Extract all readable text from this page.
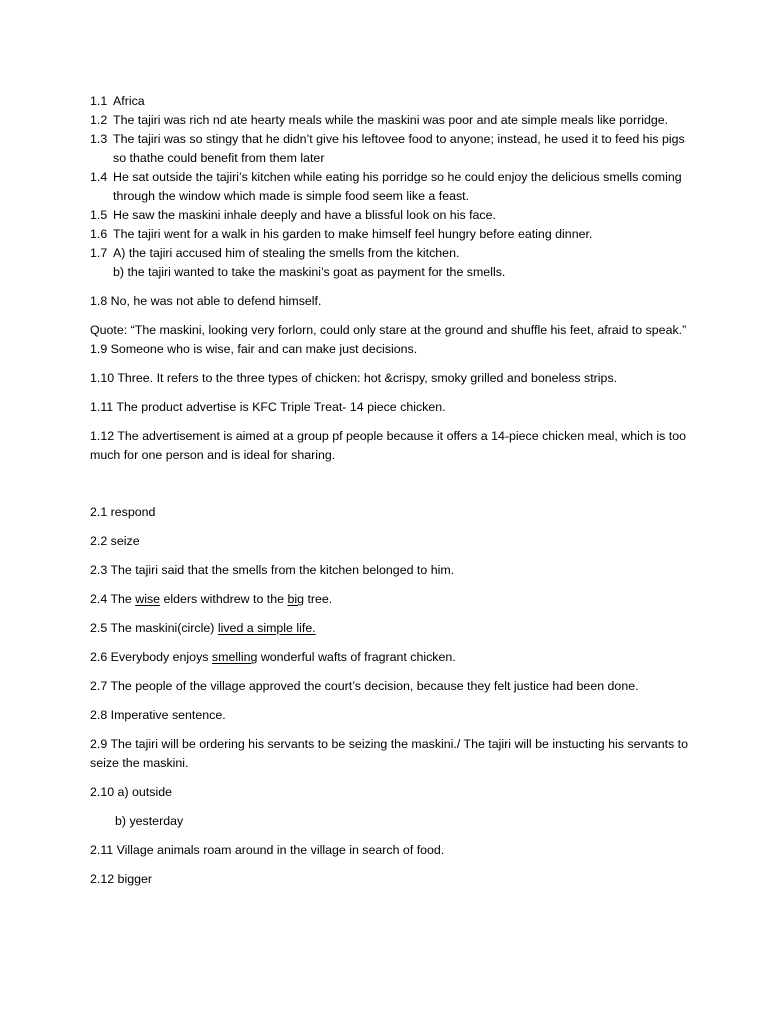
1.1 Africa
1.2 The tajiri was rich nd ate hearty meals while the maskini was poor and ate simple meals like porridge.
1.3 The tajiri was so stingy that he didn’t give his leftovee food to anyone; instead, he used it to feed his pigs so thathe could benefit from them later
1.4 He sat outside the tajiri’s kitchen while eating his porridge so he could enjoy the delicious smells coming through the window which made is simple food seem like a feast.
1.5 He saw the maskini inhale deeply and have a blissful look on his face.
1.6 The tajiri went for a walk in his garden to make himself feel hungry before eating dinner.
1.7 A) the tajiri accused him of stealing the smells from the kitchen.
b) the tajiri wanted to take the maskini’s goat as payment for the smells.
1.8 No, he was not able to defend himself.
Quote: “The maskini, looking very forlorn, could only stare at the ground and shuffle his feet, afraid to speak.”
1.9 Someone who is wise, fair and can make just decisions.
1.10 Three. It refers to the three types of chicken: hot &crispy, smoky grilled and boneless strips.
1.11 The product advertise is KFC Triple Treat- 14 piece chicken.
1.12 The advertisement is aimed at a group pf people because it offers a 14-piece chicken meal, which is too much for one person and is ideal for sharing.
2.1 respond
2.2 seize
2.3 The tajiri said that the smells from the kitchen belonged to him.
2.4 The wise elders withdrew to the big tree.
2.5 The maskini(circle) lived a simple life.
2.6 Everybody enjoys smelling wonderful wafts of fragrant chicken.
2.7 The people of the village approved the court’s decision, because they felt justice had been done.
2.8 Imperative sentence.
2.9 The tajiri will be ordering his servants to be seizing the maskini./ The tajiri will be instucting his servants to seize the maskini.
2.10 a) outside
b) yesterday
2.11 Village animals roam around in the village in search of food.
2.12 bigger
